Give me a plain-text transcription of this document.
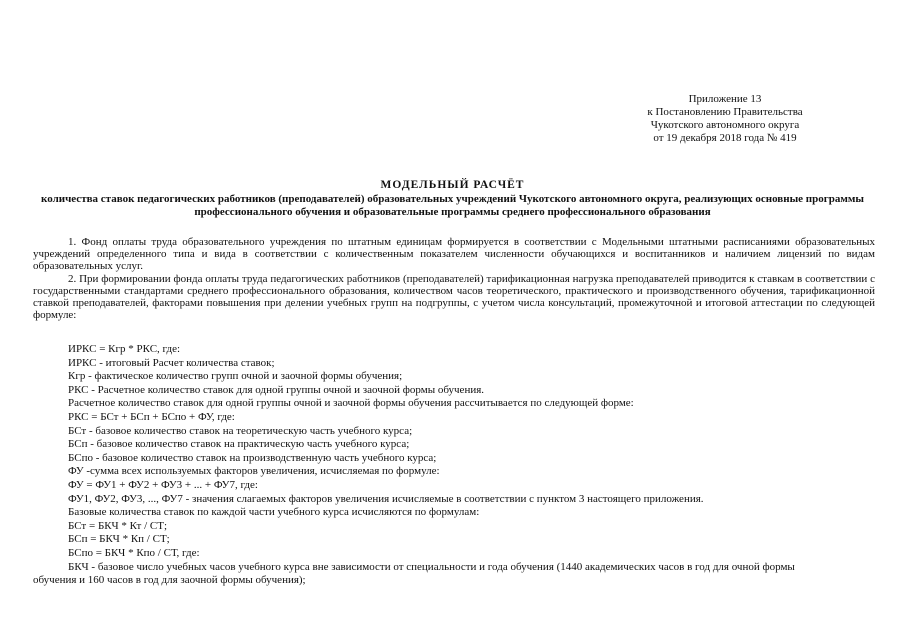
Приложение 13
к Постановлению Правительства
Чукотского автономного округа
от 19 декабря 2018 года № 419
МОДЕЛЬНЫЙ РАСЧЁТ
количества ставок педагогических работников (преподавателей) образовательных учреждений Чукотского автономного округа, реализующих основные программы профессионального обучения и образовательные программы среднего профессионального образования

1. Фонд оплаты труда образовательного учреждения по штатным единицам формируется в соответствии с Модельными штатными расписаниями образовательных учреждений определенного типа и вида в соответствии с количественным показателем численности обучающихся и воспитанников и наличием лицензий по видам образовательных услуг.

2. При формировании фонда оплаты труда педагогических работников (преподавателей) тарификационная нагрузка преподавателей приводится к ставкам в соответствии с государственными стандартами среднего профессионального образования, количеством часов теоретического, практического и производственного обучения, тарификационной ставкой преподавателей, факторами повышения при делении учебных групп на подгруппы, с учетом числа консультаций, промежуточной и итоговой аттестации по следующей формуле:

ИРКС = Кгр * РКС, где:
ИРКС - итоговый Расчет количества ставок;
Кгр - фактическое количество групп очной и заочной формы обучения;
РКС - Расчетное количество ставок для одной группы очной и заочной формы обучения.
Расчетное количество ставок для одной группы очной и заочной формы обучения рассчитывается по следующей форме:
РКС = БСт + БСп + БСпо + ФУ, где:
БСт - базовое количество ставок на теоретическую часть учебного курса;
БСп - базовое количество ставок на практическую часть учебного курса;
БСпо - базовое количество ставок на производственную часть учебного курса;
ФУ -сумма всех используемых факторов увеличения, исчисляемая по формуле:
ФУ = ФУ1 + ФУ2 + ФУ3 + ... + ФУ7, где:
ФУ1, ФУ2, ФУ3, ..., ФУ7 - значения слагаемых факторов увеличения исчисляемые в соответствии с пунктом 3 настоящего приложения.
Базовые количества ставок по каждой части учебного курса исчисляются по формулам:
БСт = БКЧ * Кт / СТ;
БСп = БКЧ * Кп / СТ;
БСпо = БКЧ * Кпо / СТ, где:
БКЧ - базовое число учебных часов учебного курса вне зависимости от специальности и года обучения (1440 академических часов в год для очной формы
обучения и 160 часов в год для заочной формы обучения);
